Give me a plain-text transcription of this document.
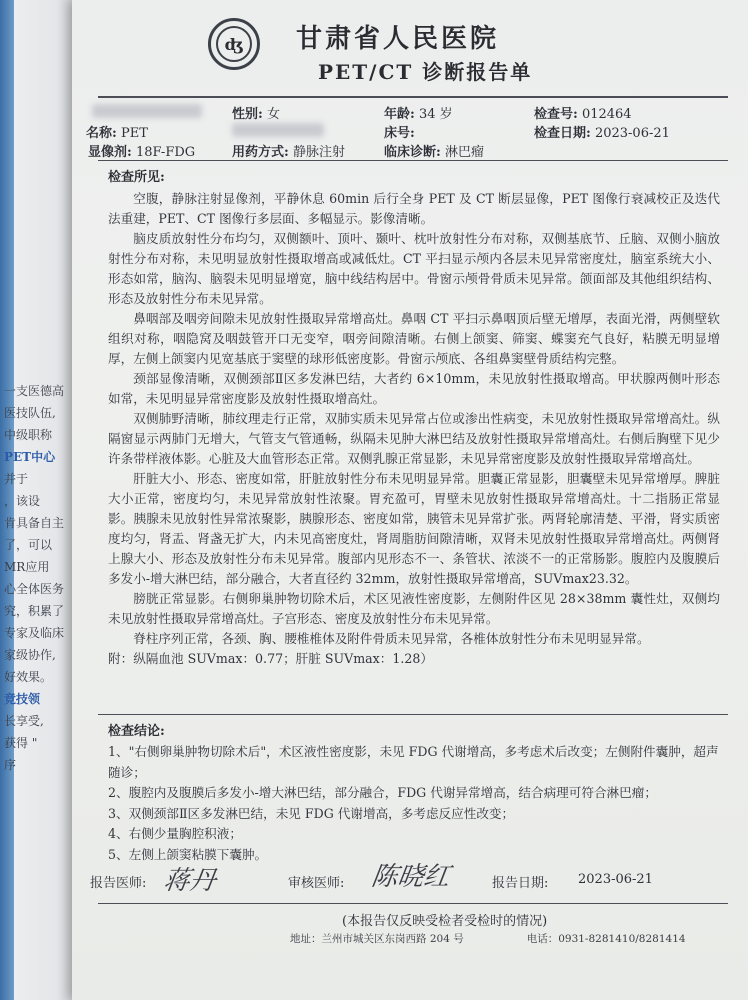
一支医德高
医技队伍,
中级职称
PET中心
并于
，该设
肯具备自主
了，可以
MR应用
心全体医务
究，积累了
专家及临床
家级协作,
好效果。
竞技领
长享受,
获得 "
序
ʤ	甘肃省人民医院
PET/CT 诊断报告单
性别: 女	年龄: 34 岁	检查号: 012464
名称: PET	床号:	检查日期: 2023-06-21
显像剂: 18F-FDG	用药方式: 静脉注射	临床诊断: 淋巴瘤
检查所见:

空腹，静脉注射显像剂，平静休息 60min 后行全身 PET 及 CT 断层显像，PET 图像行衰减校正及迭代法重建，PET、CT 图像行多层面、多幅显示。影像清晰。

脑皮质放射性分布均匀，双侧额叶、顶叶、颞叶、枕叶放射性分布对称，双侧基底节、丘脑、双侧小脑放射性分布对称，未见明显放射性摄取增高或减低灶。CT 平扫显示颅内各层未见异常密度灶，脑室系统大小、形态如常，脑沟、脑裂未见明显增宽，脑中线结构居中。骨窗示颅骨骨质未见异常。颌面部及其他组织结构、形态及放射性分布未见异常。

鼻咽部及咽旁间隙未见放射性摄取异常增高灶。鼻咽 CT 平扫示鼻咽顶后壁无增厚，表面光滑，两侧壁软组织对称，咽隐窝及咽鼓管开口无变窄，咽旁间隙清晰。右侧上颌窦、筛窦、蝶窦充气良好，粘膜无明显增厚，左侧上颌窦内见宽基底于窦壁的球形低密度影。骨窗示颅底、各组鼻窦壁骨质结构完整。

颈部显像清晰，双侧颈部Ⅱ区多发淋巴结，大者约 6×10mm，未见放射性摄取增高。甲状腺两侧叶形态如常，未见明显异常密度影及放射性摄取增高灶。

双侧肺野清晰，肺纹理走行正常，双肺实质未见异常占位或渗出性病变，未见放射性摄取异常增高灶。纵隔窗显示两肺门无增大，气管支气管通畅，纵隔未见肿大淋巴结及放射性摄取异常增高灶。右侧后胸壁下见少许条带样液体影。心脏及大血管形态正常。双侧乳腺正常显影，未见异常密度影及放射性摄取异常增高灶。

肝脏大小、形态、密度如常，肝脏放射性分布未见明显异常。胆囊正常显影，胆囊壁未见异常增厚。脾脏大小正常，密度均匀，未见异常放射性浓聚。胃充盈可，胃壁未见放射性摄取异常增高灶。十二指肠正常显影。胰腺未见放射性异常浓聚影，胰腺形态、密度如常，胰管未见异常扩张。两肾轮廓清楚、平滑，肾实质密度均匀，肾盂、肾盏无扩大，内未见高密度灶，肾周脂肪间隙清晰，双肾未见放射性摄取异常增高灶。两侧肾上腺大小、形态及放射性分布未见异常。腹部内见形态不一、条管状、浓淡不一的正常肠影。腹腔内及腹膜后多发小-增大淋巴结，部分融合，大者直径约 32mm，放射性摄取异常增高，SUVmax23.32。

膀胱正常显影。右侧卵巢肿物切除术后，术区见液性密度影，左侧附件区见 28×38mm 囊性灶，双侧均未见放射性摄取异常增高灶。子宫形态、密度及放射性分布未见异常。

脊柱序列正常，各颈、胸、腰椎椎体及附件骨质未见异常，各椎体放射性分布未见明显异常。

附：纵隔血池 SUVmax：0.77；肝脏 SUVmax：1.28）

检查结论:

1、"右侧卵巢肿物切除术后"，术区液性密度影，未见 FDG 代谢增高，多考虑术后改变；左侧附件囊肿，超声随诊；

2、腹腔内及腹膜后多发小-增大淋巴结，部分融合，FDG 代谢异常增高，结合病理可符合淋巴瘤；

3、双侧颈部Ⅱ区多发淋巴结，未见 FDG 代谢增高，多考虑反应性改变；

4、右侧少量胸腔积液；

5、左侧上颌窦粘膜下囊肿。

报告医师: 蒋丹	审核医师: 陈晓红	报告日期: 2023-06-21
(本报告仅反映受检者受检时的情况)
地址：兰州市城关区东岗西路 204 号　　　　　　电话：0931-8281410/8281414
